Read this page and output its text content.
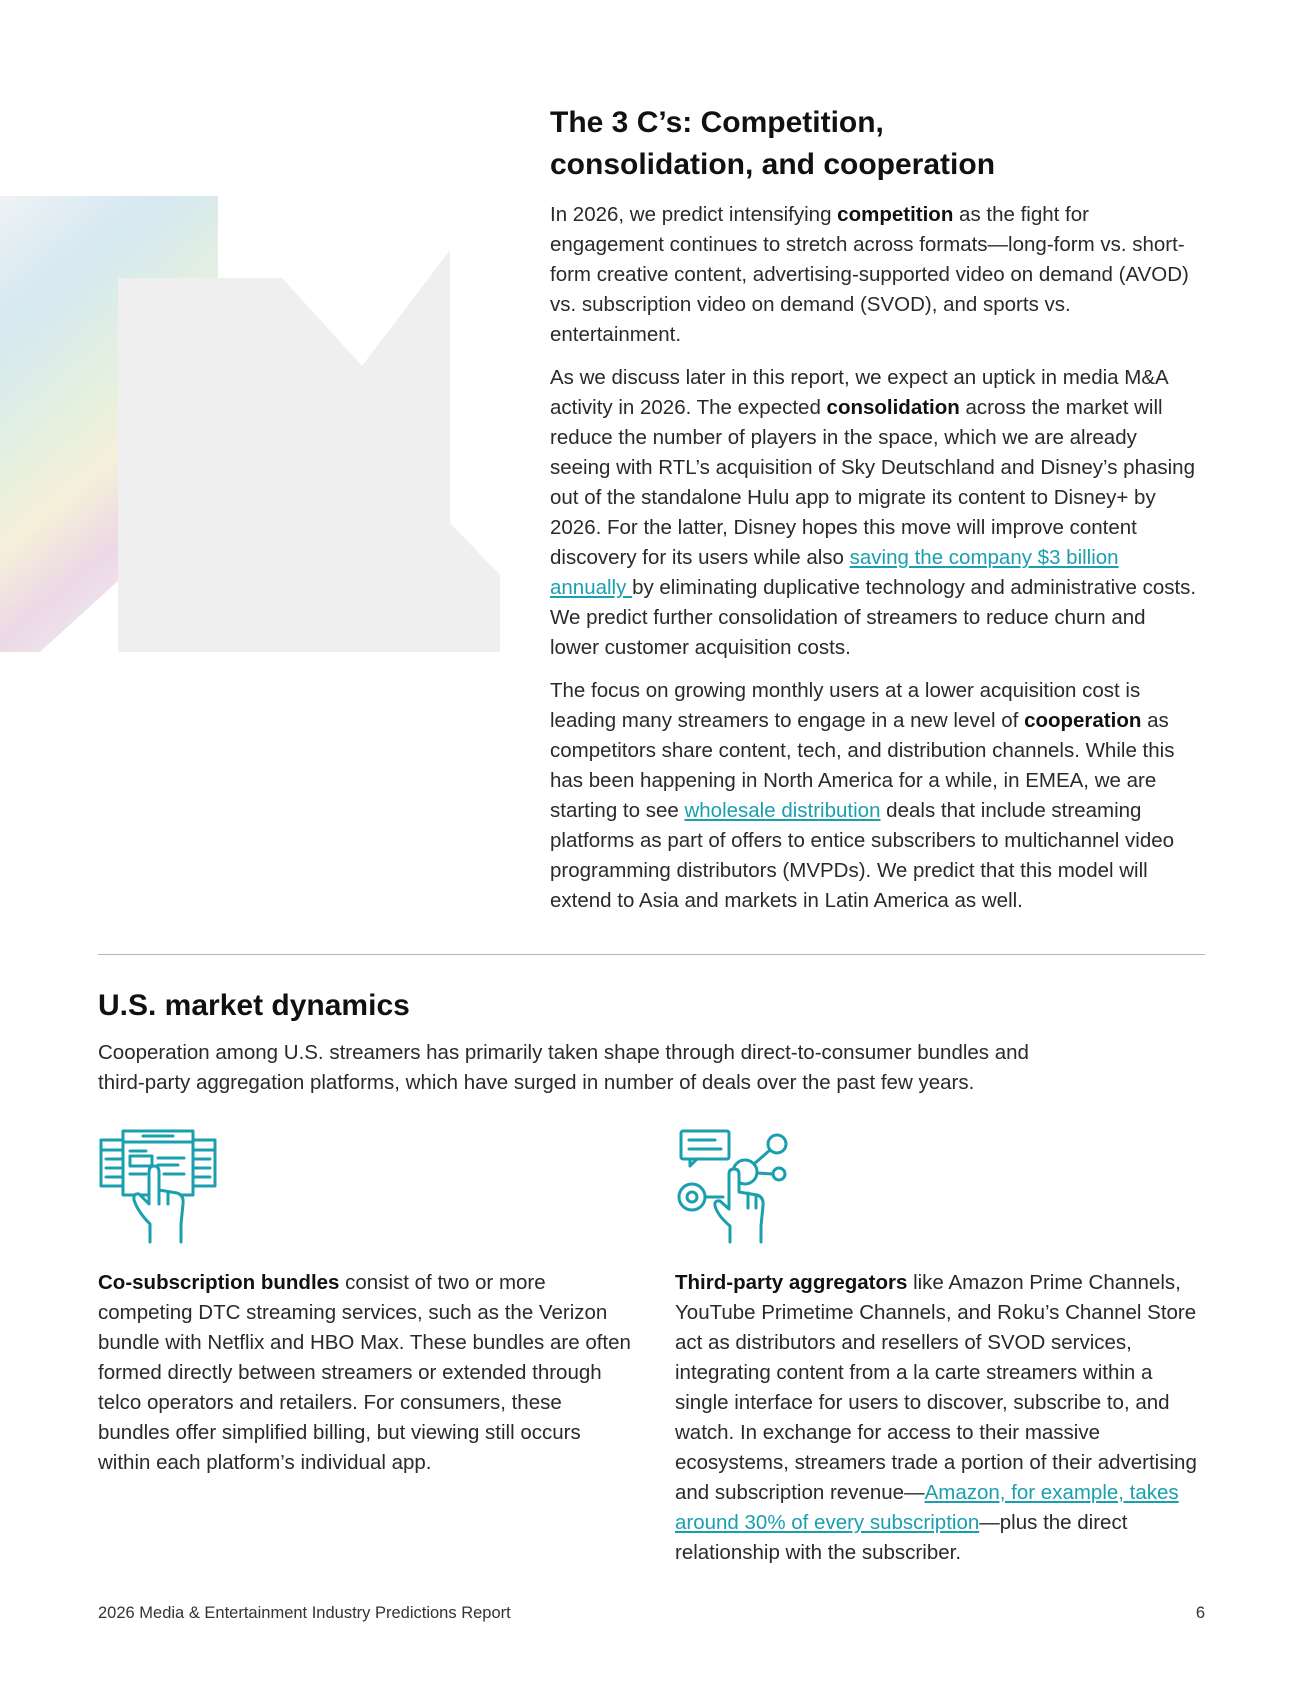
The 3 C’s: Competition, consolidation, and cooperation

In 2026, we predict intensifying competition as the fight for engagement continues to stretch across formats—long-form vs. short-form creative content, advertising-supported video on demand (AVOD) vs. subscription video on demand (SVOD), and sports vs. entertainment.

As we discuss later in this report, we expect an uptick in media M&A activity in 2026. The expected consolidation across the market will reduce the number of players in the space, which we are already seeing with RTL’s acquisition of Sky Deutschland and Disney’s phasing out of the standalone Hulu app to migrate its content to Disney+ by 2026. For the latter, Disney hopes this move will improve content discovery for its users while also saving the company $3 billion annually by eliminating duplicative technology and administrative costs. We predict further consolidation of streamers to reduce churn and lower customer acquisition costs.

The focus on growing monthly users at a lower acquisition cost is leading many streamers to engage in a new level of cooperation as competitors share content, tech, and distribution channels. While this has been happening in North America for a while, in EMEA, we are starting to see wholesale distribution deals that include streaming platforms as part of offers to entice subscribers to multichannel video programming distributors (MVPDs). We predict that this model will extend to Asia and markets in Latin America as well.

U.S. market dynamics

Cooperation among U.S. streamers has primarily taken shape through direct-to-consumer bundles and third-party aggregation platforms, which have surged in number of deals over the past few years.

Co-subscription bundles consist of two or more competing DTC streaming services, such as the Verizon bundle with Netflix and HBO Max. These bundles are often formed directly between streamers or extended through telco operators and retailers. For consumers, these bundles offer simplified billing, but viewing still occurs within each platform’s individual app.

Third-party aggregators like Amazon Prime Channels, YouTube Primetime Channels, and Roku’s Channel Store act as distributors and resellers of SVOD services, integrating content from a la carte streamers within a single interface for users to discover, subscribe to, and watch. In exchange for access to their massive ecosystems, streamers trade a portion of their advertising and subscription revenue—Amazon, for example, takes around 30% of every subscription—plus the direct relationship with the subscriber.

2026 Media & Entertainment Industry Predictions Report	6
